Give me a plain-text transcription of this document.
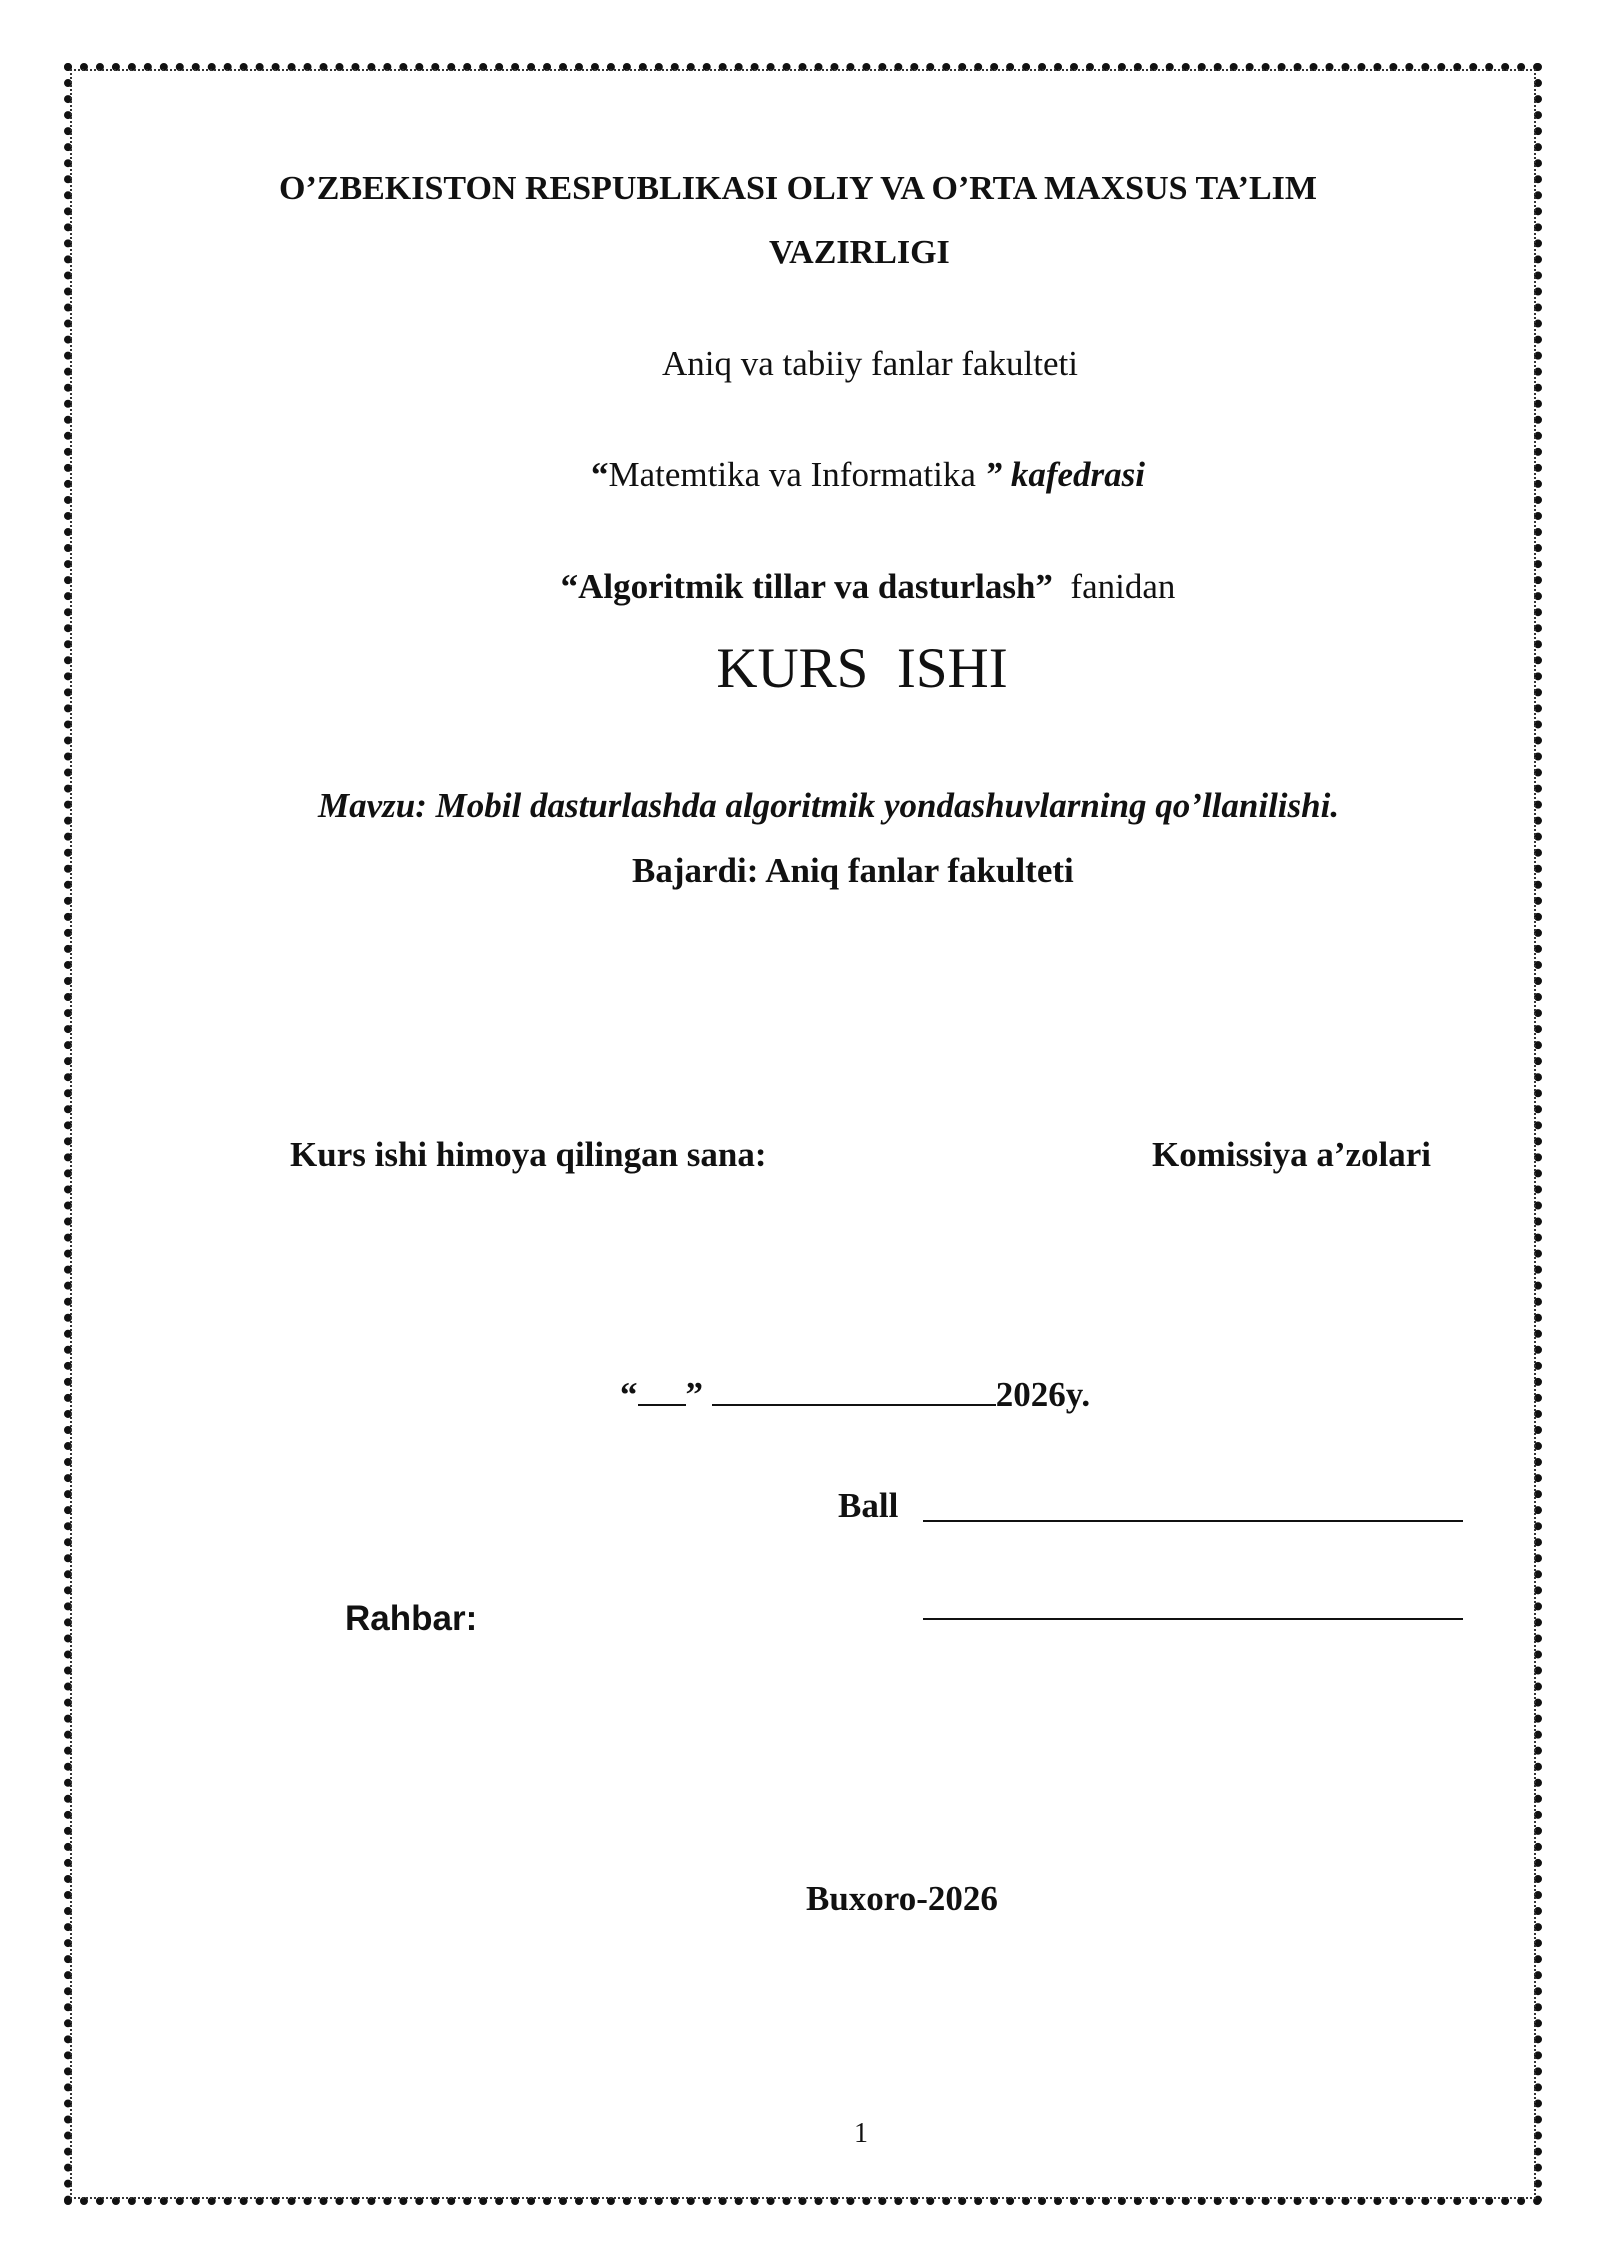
O’ZBEKISTON RESPUBLIKASI OLIY VA O’RTA MAXSUS TA’LIM
VAZIRLIGI
Aniq va tabiiy fanlar fakulteti
“Matemtika va Informatika ” kafedrasi
“Algoritmik tillar va dasturlash”  fanidan
KURS  ISHI
Mavzu: Mobil dasturlashda algoritmik yondashuvlarning qo’llanilishi.
Bajardi: Aniq fanlar fakulteti
Kurs ishi himoya qilingan sana:	Komissiya a’zolari
“ ”	2026y.
Ball
Rahbar:
Buxoro-2026
1
